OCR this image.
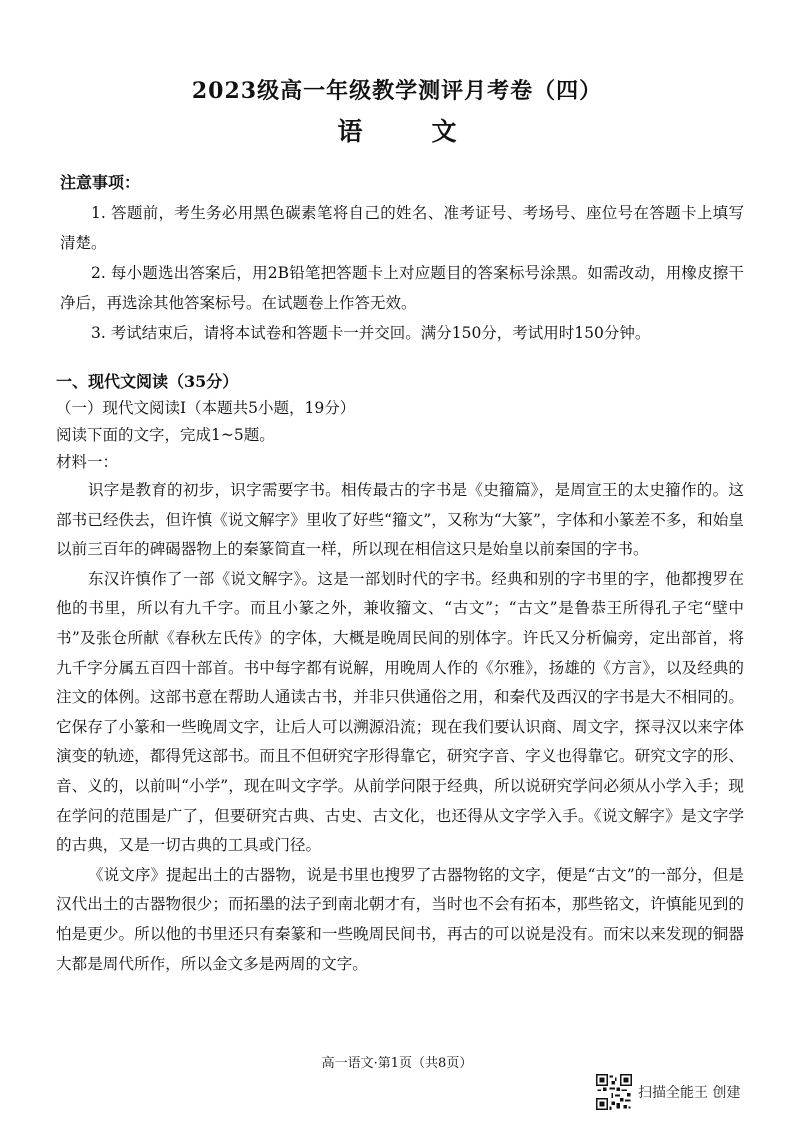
2023级高一年级教学测评月考卷（四）
语　文

注意事项：

1. 答题前，考生务必用黑色碳素笔将自己的姓名、准考证号、考场号、座位号在答题卡上填写清楚。

2. 每小题选出答案后，用2B铅笔把答题卡上对应题目的答案标号涂黑。如需改动，用橡皮擦干净后，再选涂其他答案标号。在试题卷上作答无效。

3. 考试结束后，请将本试卷和答题卡一并交回。满分150分，考试用时150分钟。

一、现代文阅读（35分）

（一）现代文阅读Ⅰ（本题共5小题，19分）

阅读下面的文字，完成1~5题。

材料一：

识字是教育的初步，识字需要字书。相传最古的字书是《史籀篇》，是周宣王的太史籀作的。这部书已经佚去，但许慎《说文解字》里收了好些“籀文”，又称为“大篆”，字体和小篆差不多，和始皇以前三百年的碑碣器物上的秦篆简直一样，所以现在相信这只是始皇以前秦国的字书。

东汉许慎作了一部《说文解字》。这是一部划时代的字书。经典和别的字书里的字，他都搜罗在他的书里，所以有九千字。而且小篆之外，兼收籀文、“古文”；“古文”是鲁恭王所得孔子宅“壁中书”及张仓所献《春秋左氏传》的字体，大概是晚周民间的别体字。许氏又分析偏旁，定出部首，将九千字分属五百四十部首。书中每字都有说解，用晚周人作的《尔雅》，扬雄的《方言》，以及经典的注文的体例。这部书意在帮助人通读古书，并非只供通俗之用，和秦代及西汉的字书是大不相同的。它保存了小篆和一些晚周文字，让后人可以溯源沿流；现在我们要认识商、周文字，探寻汉以来字体演变的轨迹，都得凭这部书。而且不但研究字形得靠它，研究字音、字义也得靠它。研究文字的形、音、义的，以前叫“小学”，现在叫文字学。从前学问限于经典，所以说研究学问必须从小学入手；现在学问的范围是广了，但要研究古典、古史、古文化，也还得从文字学入手。《说文解字》是文字学的古典，又是一切古典的工具或门径。

《说文序》提起出土的古器物，说是书里也搜罗了古器物铭的文字，便是“古文”的一部分，但是汉代出土的古器物很少；而拓墨的法子到南北朝才有，当时也不会有拓本，那些铭文，许慎能见到的怕是更少。所以他的书里还只有秦篆和一些晚周民间书，再古的可以说是没有。而宋以来发现的铜器大都是周代所作，所以金文多是两周的文字。

高一语文·第1页（共8页）
扫描全能王 创建
